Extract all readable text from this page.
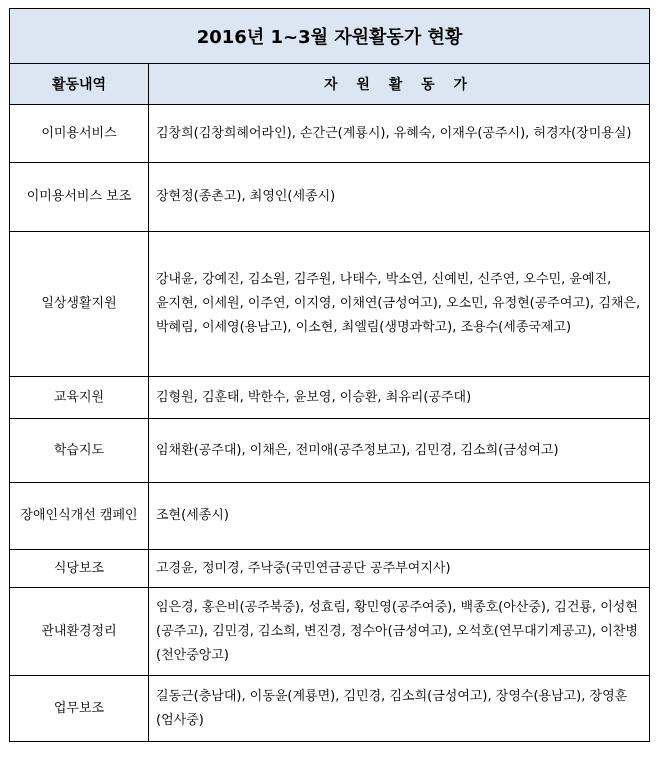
2016년 1~3월 자원활동가 현황	
활동내역	자 원 활 동 가
이미용서비스	김창희(김창희헤어라인), 손간근(계룡시), 유혜숙, 이재우(공주시), 허경자(장미용실)
이미용서비스 보조	장현정(종촌고), 최영인(세종시)
일상생활지원	강내윤, 강예진, 김소원, 김주원, 나태수, 박소연, 신예빈, 신주연, 오수민, 윤예진, 윤지현, 이세원, 이주연, 이지영, 이채연(금성여고), 오소민, 유정현(공주여고), 김채은, 박혜림, 이세영(용남고), 이소현, 최엘림(생명과학고), 조용수(세종국제고)
교육지원	김형원, 김훈태, 박한수, 윤보영, 이승환, 최유리(공주대)
학습지도	임채환(공주대), 이채은, 전미애(공주정보고), 김민경, 김소희(금성여고)
장애인식개선 캠페인	조현(세종시)
식당보조	고경윤, 정미경, 주낙중(국민연금공단 공주부여지사)
관내환경정리	임은경, 홍은비(공주북중), 성효림, 황민영(공주여중), 백종호(아산중), 김건룡, 이성현(공주고), 김민경, 김소희, 변진경, 정수아(금성여고), 오석호(연무대기계공고), 이찬병(천안중앙고)
업무보조	길동근(충남대), 이동윤(계룡면), 김민경, 김소희(금성여고), 장영수(용남고), 장영훈(엄사중)
